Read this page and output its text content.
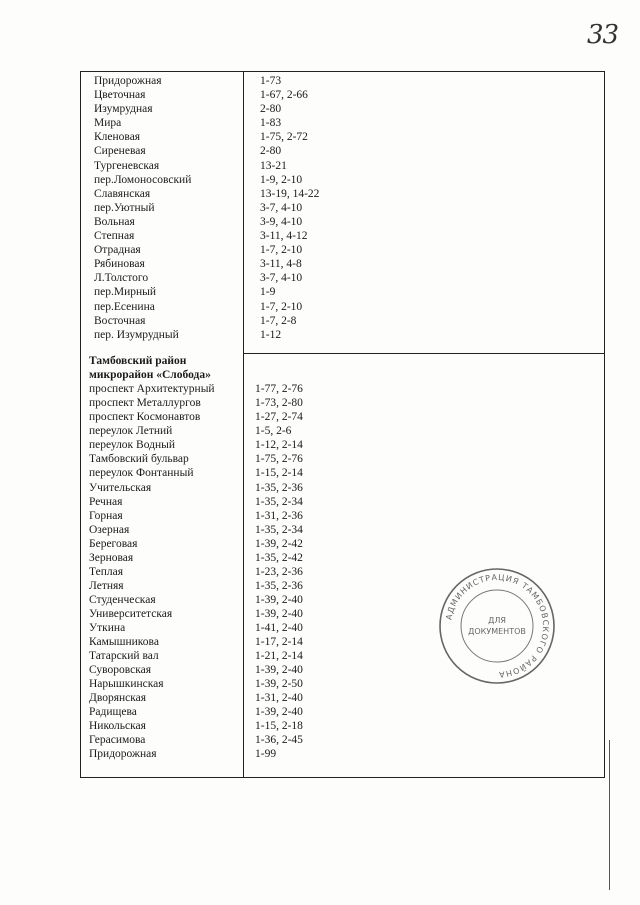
33
Придорожная	1-73
Цветочная	1-67, 2-66
Изумрудная	2-80
Мира	1-83
Кленовая	1-75, 2-72
Сиреневая	2-80
Тургеневская	13-21
пер.Ломоносовский	1-9, 2-10
Славянская	13-19, 14-22
пер.Уютный	3-7, 4-10
Вольная	3-9, 4-10
Степная	3-11, 4-12
Отрадная	1-7, 2-10
Рябиновая	3-11, 4-8
Л.Толстого	3-7, 4-10
пер.Мирный	1-9
пер.Есенина	1-7, 2-10
Восточная	1-7, 2-8
пер. Изумрудный	1-12
Тамбовский район
микрорайон «Слобода»
проспект Архитектурный	1-77, 2-76
проспект Металлургов	1-73, 2-80
проспект Космонавтов	1-27, 2-74
переулок Летний	1-5, 2-6
переулок Водный	1-12, 2-14
Тамбовский бульвар	1-75, 2-76
переулок Фонтанный	1-15, 2-14
Учительская	1-35, 2-36
Речная	1-35, 2-34
Горная	1-31, 2-36
Озерная	1-35, 2-34
Береговая	1-39, 2-42
Зерновая	1-35, 2-42
Теплая	1-23, 2-36
Летняя	1-35, 2-36
Студенческая	1-39, 2-40
Университетская	1-39, 2-40
Уткина	1-41, 2-40
Камышникова	1-17, 2-14
Татарский вал	1-21, 2-14
Суворовская	1-39, 2-40
Нарышкинская	1-39, 2-50
Дворянская	1-31, 2-40
Радищева	1-39, 2-40
Никольская	1-15, 2-18
Герасимова	1-36, 2-45
Придорожная	1-99
АДМИНИСТРАЦИЯ ТАМБОВСКОГО РАЙОНА
ДЛЯ
ДОКУМЕНТОВ
